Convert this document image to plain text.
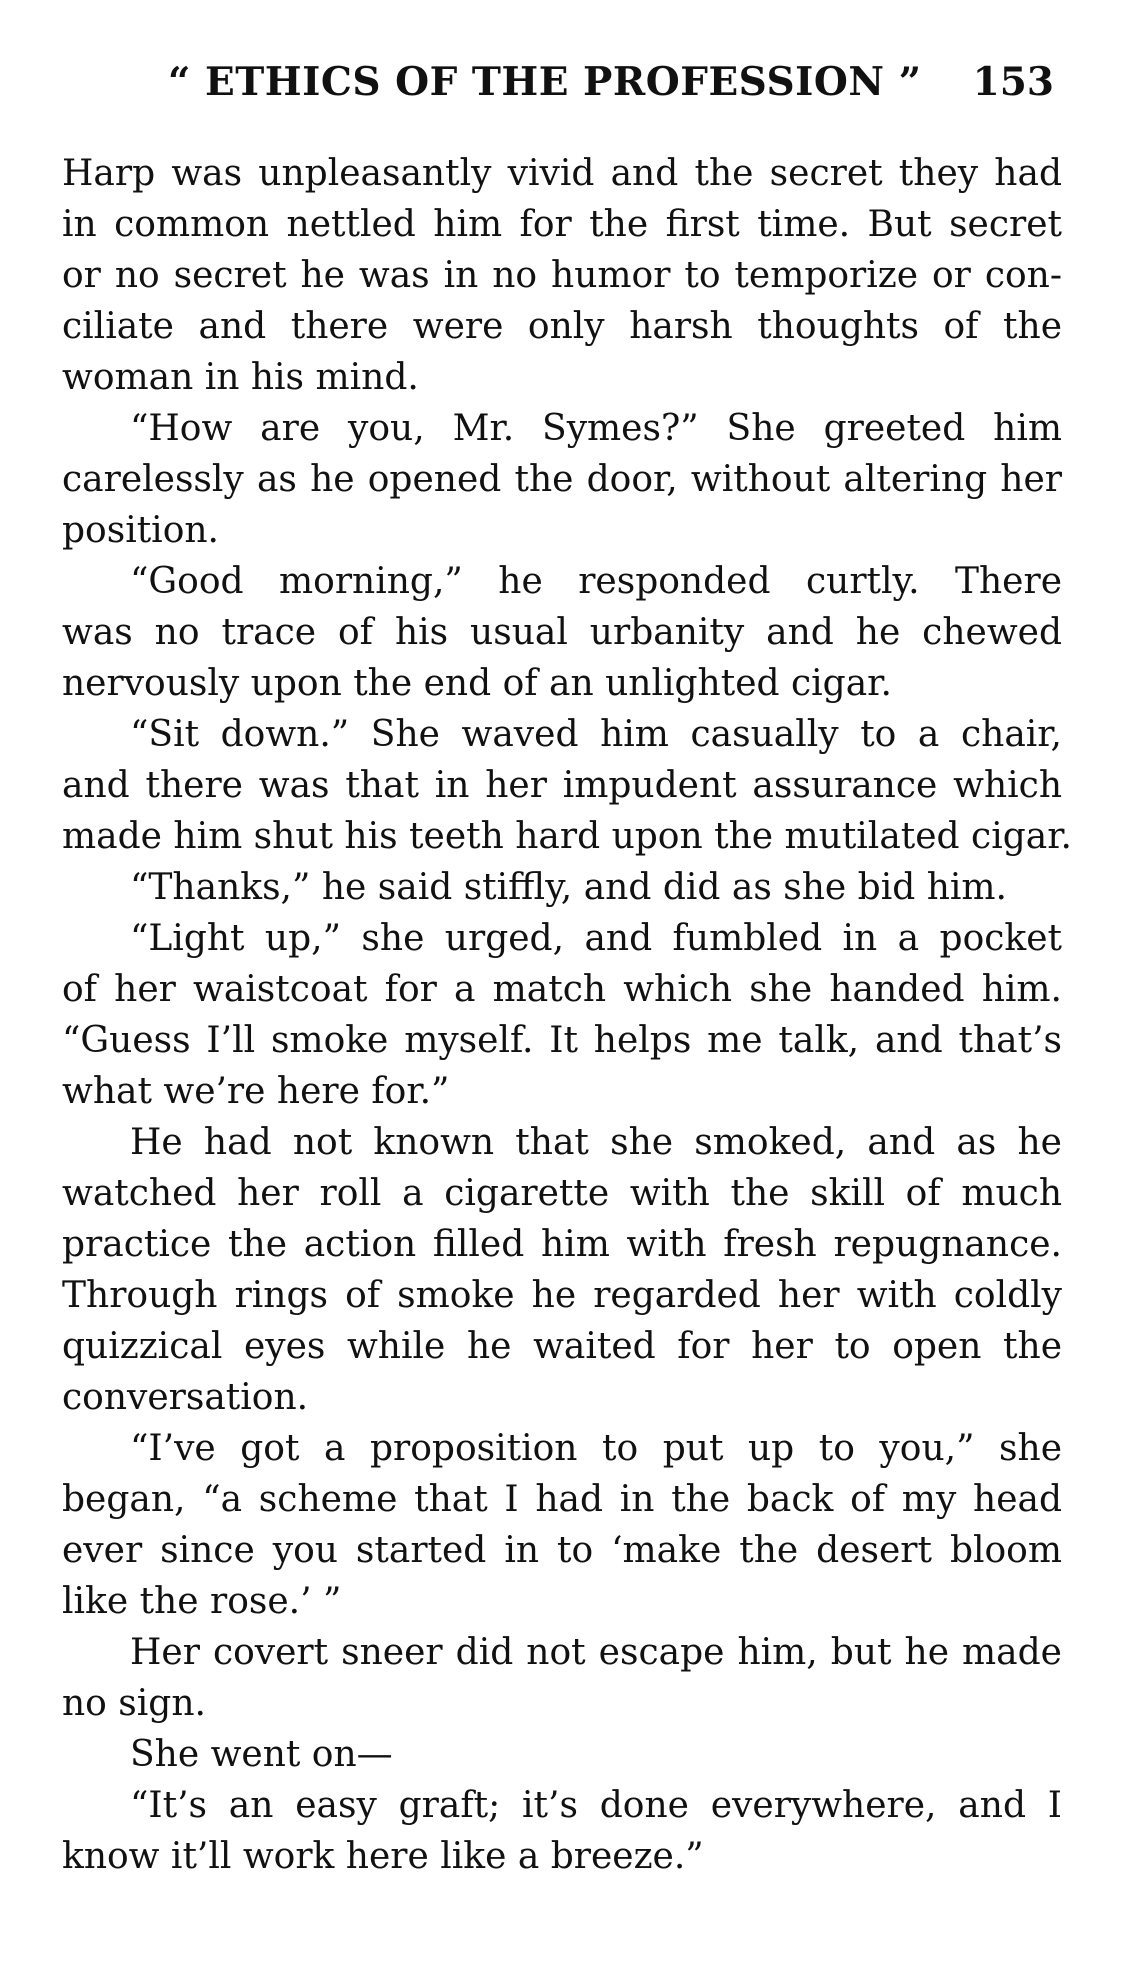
“ ETHICS OF THE PROFESSION ” 153
Harp was unpleasantly vivid and the secret they had
in common nettled him for the first time. But secret
or no secret he was in no humor to temporize or con-
ciliate and there were only harsh thoughts of the
woman in his mind.
“How are you, Mr. Symes?” She greeted him
carelessly as he opened the door, without altering her
position.
“Good morning,” he responded curtly. There
was no trace of his usual urbanity and he chewed
nervously upon the end of an unlighted cigar.
“Sit down.” She waved him casually to a chair,
and there was that in her impudent assurance which
made him shut his teeth hard upon the mutilated cigar.
“Thanks,” he said stiffly, and did as she bid him.
“Light up,” she urged, and fumbled in a pocket
of her waistcoat for a match which she handed him.
“Guess I’ll smoke myself. It helps me talk, and that’s
what we’re here for.”
He had not known that she smoked, and as he
watched her roll a cigarette with the skill of much
practice the action filled him with fresh repugnance.
Through rings of smoke he regarded her with coldly
quizzical eyes while he waited for her to open the
conversation.
“I’ve got a proposition to put up to you,” she
began, “a scheme that I had in the back of my head
ever since you started in to ‘make the desert bloom
like the rose.’ ”
Her covert sneer did not escape him, but he made
no sign.
She went on—
“It’s an easy graft; it’s done everywhere, and I
know it’ll work here like a breeze.”
